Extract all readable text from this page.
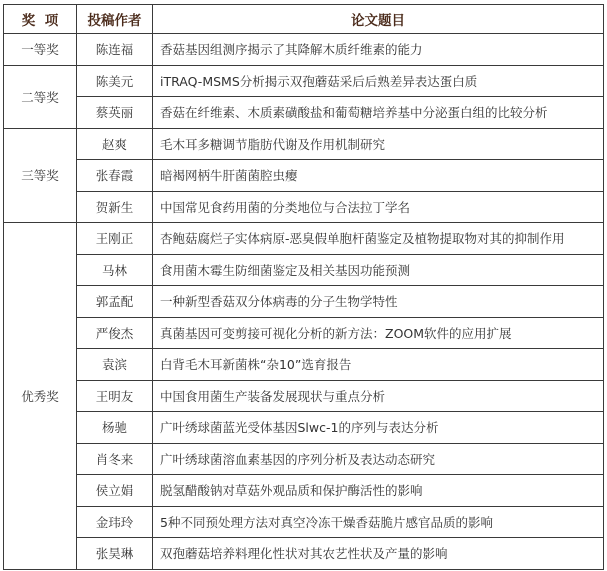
奖  项	投稿作者	论文题目
一等奖	陈连福	香菇基因组测序揭示了其降解木质纤维素的能力
二等奖	陈美元	iTRAQ-MSMS分析揭示双孢蘑菇采后后熟差异表达蛋白质
	蔡英丽	香菇在纤维素、木质素磺酸盐和葡萄糖培养基中分泌蛋白组的比较分析
三等奖	赵爽	毛木耳多糖调节脂肪代谢及作用机制研究
	张春霞	暗褐网柄牛肝菌菌腔虫瘿
	贺新生	中国常见食药用菌的分类地位与合法拉丁学名
优秀奖	王刚正	杏鲍菇腐烂子实体病原-恶臭假单胞杆菌鉴定及植物提取物对其的抑制作用
	马林	食用菌木霉生防细菌鉴定及相关基因功能预测
	郭孟配	一种新型香菇双分体病毒的分子生物学特性
	严俊杰	真菌基因可变剪接可视化分析的新方法：ZOOM软件的应用扩展
	袁滨	白背毛木耳新菌株“杂10”选育报告
	王明友	中国食用菌生产装备发展现状与重点分析
	杨驰	广叶绣球菌蓝光受体基因Slwc-1的序列与表达分析
	肖冬来	广叶绣球菌溶血素基因的序列分析及表达动态研究
	侯立娟	脱氢醋酸钠对草菇外观品质和保护酶活性的影响
	金玮玲	5种不同预处理方法对真空冷冻干燥香菇脆片感官品质的影响
	张昊琳	双孢蘑菇培养料理化性状对其农艺性状及产量的影响
